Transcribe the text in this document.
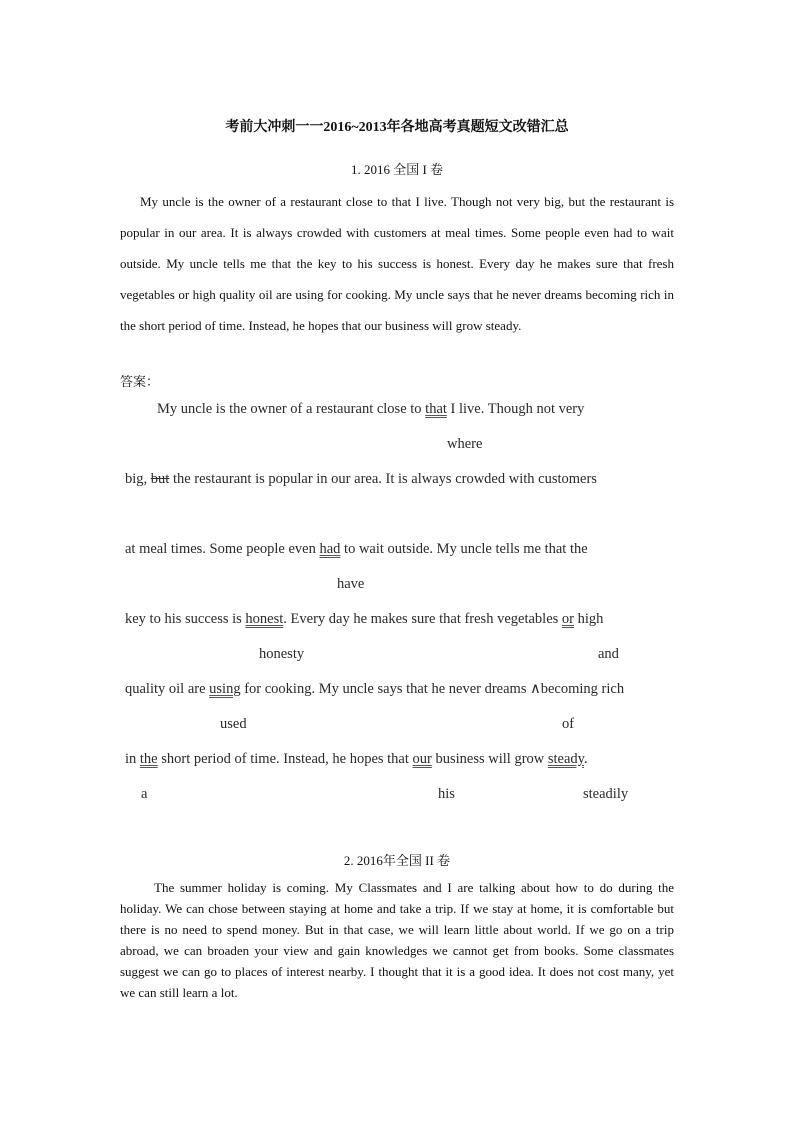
考前大冲刺一一2016~2013年各地高考真题短文改错汇总
1. 2016 全国 I 卷

My uncle is the owner of a restaurant close to that I live. Though not very big, but the restaurant is popular in our area. It is always crowded with customers at meal times. Some people even had to wait outside. My uncle tells me that the key to his success is honest. Every day he makes sure that fresh vegetables or high quality oil are using for cooking. My uncle says that he never dreams becoming rich in the short period of time. Instead, he hopes that our business will grow steady.

答案：
My uncle is the owner of a restaurant close to that I live. Though not very
where
big, but the restaurant is popular in our area. It is always crowded with customers
at meal times. Some people even had to wait outside. My uncle tells me that the
have
key to his success is honest. Every day he makes sure that fresh vegetables or high
honesty	and
quality oil are using for cooking. My uncle says that he never dreams ∧becoming rich
used	of
in the short period of time. Instead, he hopes that our business will grow steady.
a	his	steadily
2. 2016年全国 II 卷

The summer holiday is coming. My Classmates and I are talking about how to do during the holiday. We can chose between staying at home and take a trip. If we stay at home, it is comfortable but there is no need to spend money. But in that case, we will learn little about world. If we go on a trip abroad, we can broaden your view and gain knowledges we cannot get from books. Some classmates suggest we can go to places of interest nearby. I thought that it is a good idea. It does not cost many, yet we can still learn a lot.
